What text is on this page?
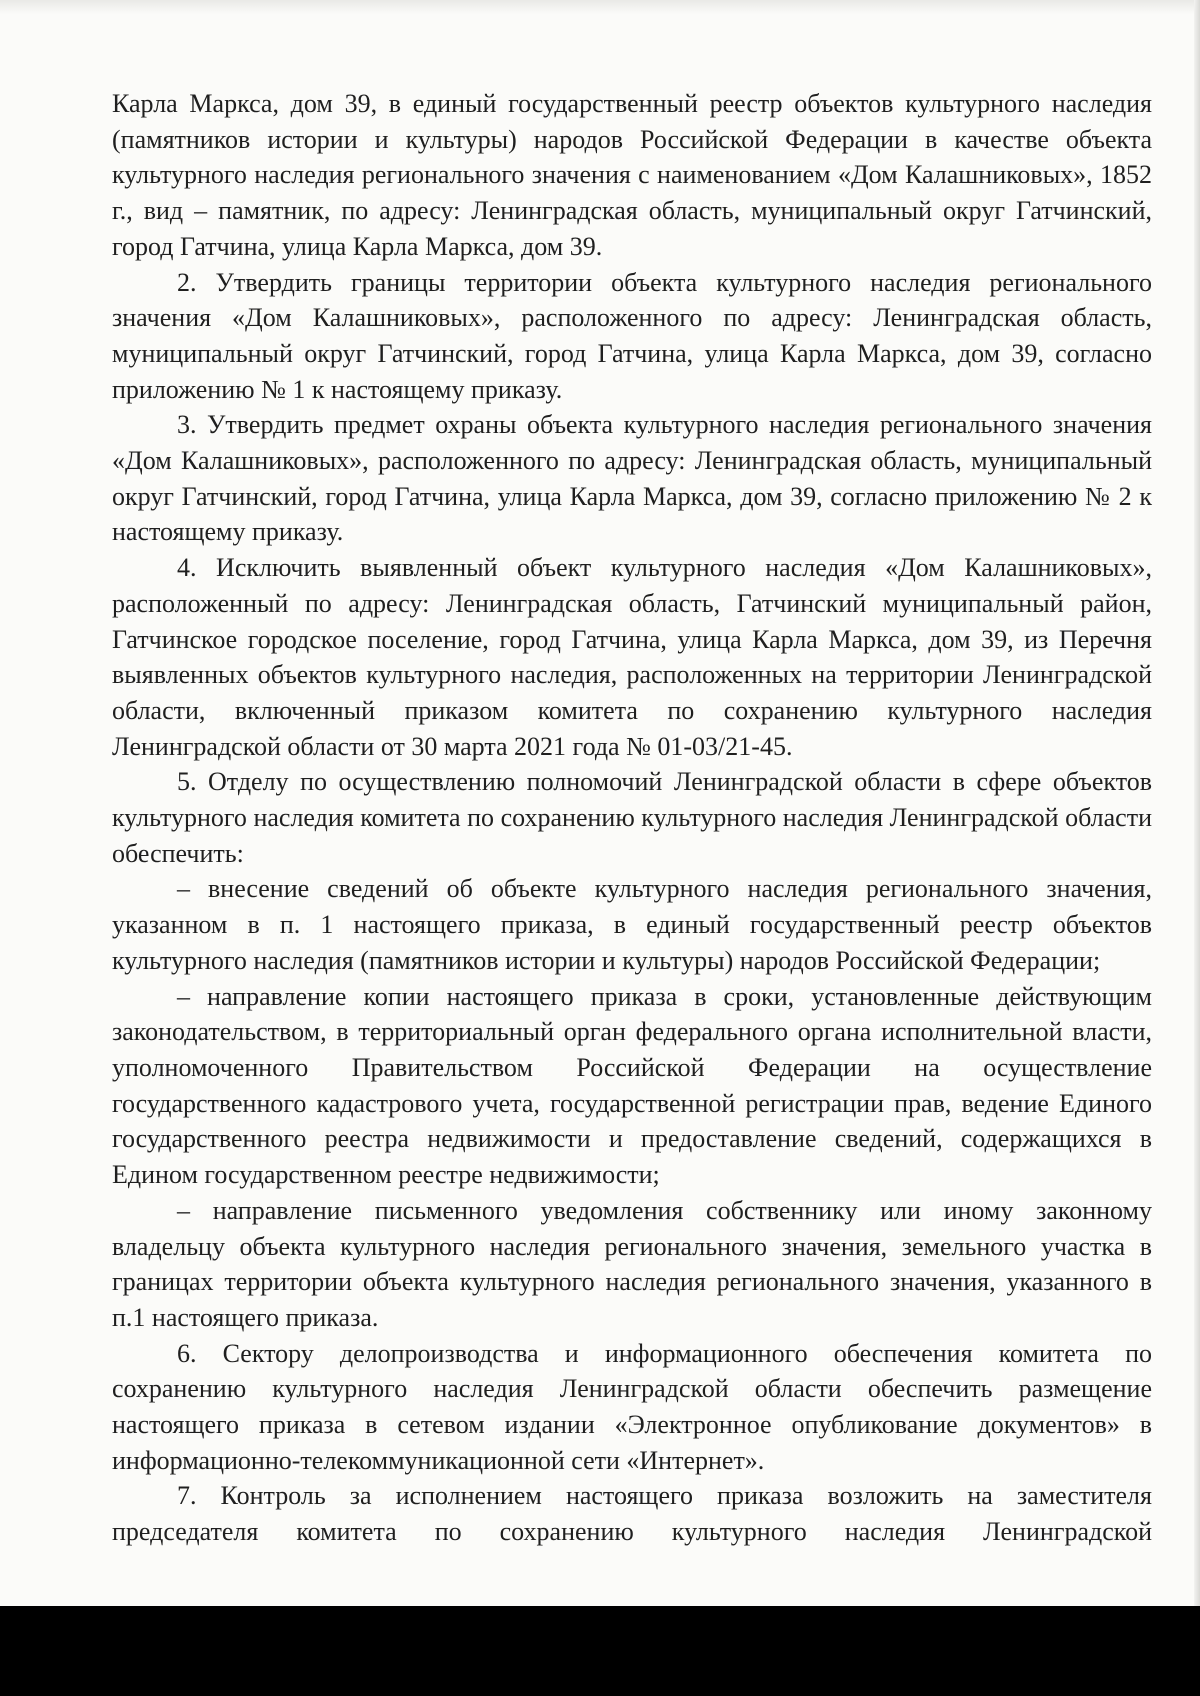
Карла Маркса, дом 39, в единый государственный реестр объектов культурного наследия (памятников истории и культуры) народов Российской Федерации в качестве объекта культурного наследия регионального значения с наименованием «Дом Калашниковых», 1852 г., вид – памятник, по адресу: Ленинградская область, муниципальный округ Гатчинский, город Гатчина, улица Карла Маркса, дом 39.

2. Утвердить границы территории объекта культурного наследия регионального значения «Дом Калашниковых», расположенного по адресу: Ленинградская область, муниципальный округ Гатчинский, город Гатчина, улица Карла Маркса, дом 39, согласно приложению № 1 к настоящему приказу.

3. Утвердить предмет охраны объекта культурного наследия регионального значения «Дом Калашниковых», расположенного по адресу: Ленинградская область, муниципальный округ Гатчинский, город Гатчина, улица Карла Маркса, дом 39, согласно приложению № 2 к настоящему приказу.

4. Исключить выявленный объект культурного наследия «Дом Калашниковых», расположенный по адресу: Ленинградская область, Гатчинский муниципальный район, Гатчинское городское поселение, город Гатчина, улица Карла Маркса, дом 39, из Перечня выявленных объектов культурного наследия, расположенных на территории Ленинградской области, включенный приказом комитета по сохранению культурного наследия Ленинградской области от 30 марта 2021 года № 01-03/21-45.

5. Отделу по осуществлению полномочий Ленинградской области в сфере объектов культурного наследия комитета по сохранению культурного наследия Ленинградской области обеспечить:

– внесение сведений об объекте культурного наследия регионального значения, указанном в п. 1 настоящего приказа, в единый государственный реестр объектов культурного наследия (памятников истории и культуры) народов Российской Федерации;

– направление копии настоящего приказа в сроки, установленные действующим законодательством, в территориальный орган федерального органа исполнительной власти, уполномоченного Правительством Российской Федерации на осуществление государственного кадастрового учета, государственной регистрации прав, ведение Единого государственного реестра недвижимости и предоставление сведений, содержащихся в Едином государственном реестре недвижимости;

– направление письменного уведомления собственнику или иному законному владельцу объекта культурного наследия регионального значения, земельного участка в границах территории объекта культурного наследия регионального значения, указанного в п.1 настоящего приказа.

6. Сектору делопроизводства и информационного обеспечения комитета по сохранению культурного наследия Ленинградской области обеспечить размещение настоящего приказа в сетевом издании «Электронное опубликование документов» в информационно-телекоммуникационной сети «Интернет».

7. Контроль за исполнением настоящего приказа возложить на заместителя председателя комитета по сохранению культурного наследия Ленинградской
